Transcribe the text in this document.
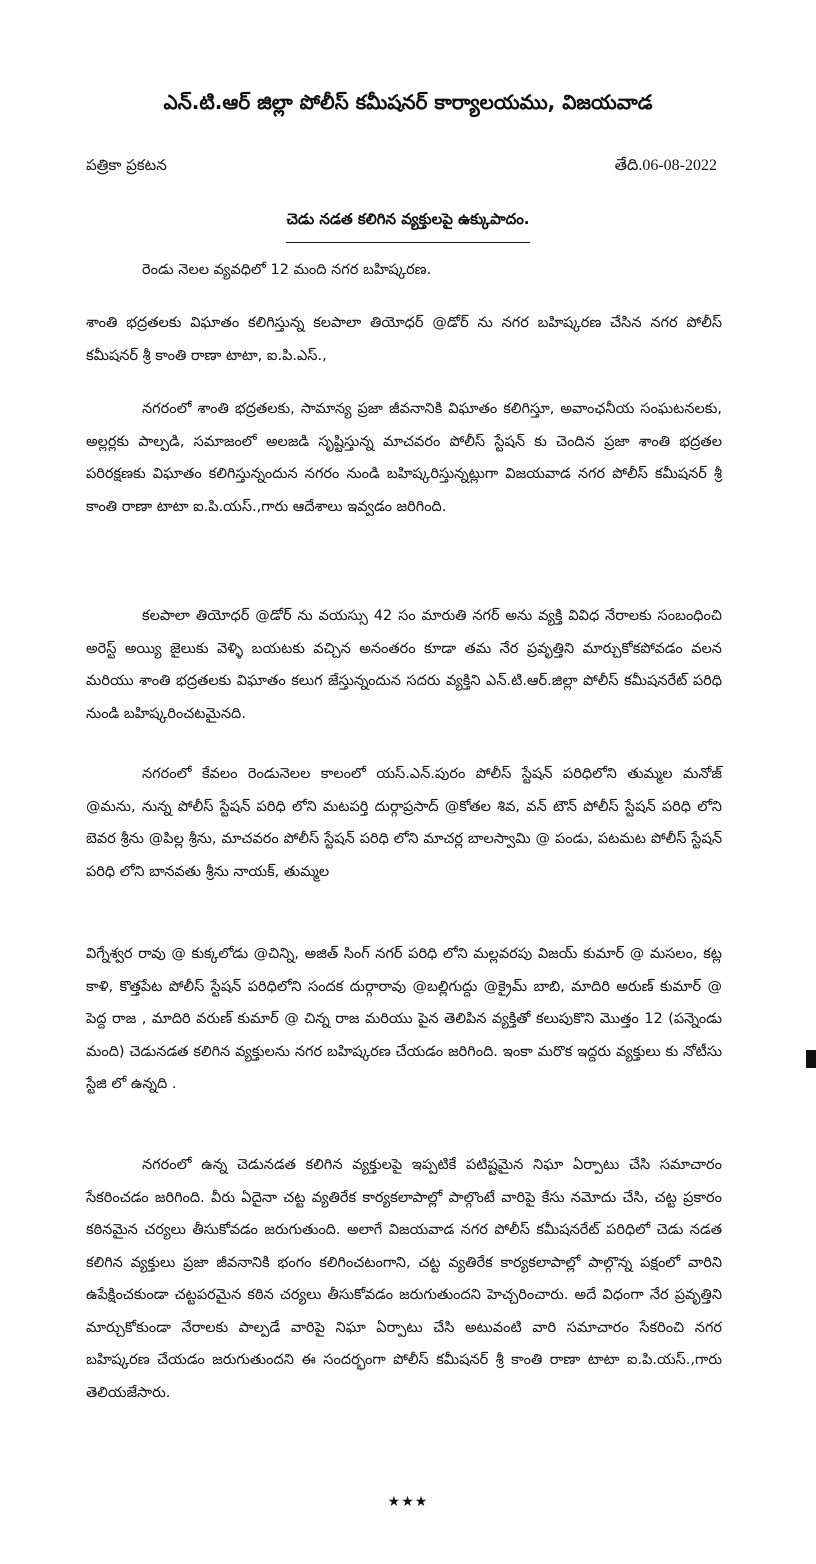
ఎన్.టి.ఆర్ జిల్లా పోలీస్ కమీషనర్ కార్యాలయము, విజయవాడ
పత్రికా ప్రకటన	తేది.06-08-2022
చెడు నడత కలిగిన వ్యక్తులపై ఉక్కుపాదం.
రెండు నెలల వ్యవధిలో 12 మంది నగర బహిష్కరణ.
శాంతి భద్రతలకు విఘాతం కలిగిస్తున్న కలపాలా తియోధర్ @డోర్ ను నగర బహిష్కరణ చేసిన నగర పోలీస్ కమీషనర్ శ్రీ కాంతి రాణా టాటా, ఐ.పి.ఎస్.,
నగరంలో శాంతి భద్రతలకు, సామాన్య ప్రజా జీవనానికి విఘాతం కలిగిస్తూ, అవాంఛనీయ సంఘటనలకు, అల్లర్లకు పాల్పడి, సమాజంలో అలజడి సృష్టిస్తున్న మాచవరం పోలీస్ స్టేషన్ కు చెందిన ప్రజా శాంతి భద్రతల పరిరక్షణకు విఘాతం కలిగిస్తున్నందున నగరం నుండి బహిష్కరిస్తున్నట్లుగా విజయవాడ నగర పోలీస్ కమీషనర్ శ్రీ కాంతి రాణా టాటా ఐ.పి.యస్.,గారు ఆదేశాలు ఇవ్వడం జరిగింది.
కలపాలా తియోధర్ @డోర్ ను వయస్సు 42 సం మారుతి నగర్ అను వ్యక్తి వివిధ నేరాలకు సంబంధించి అరెస్ట్ అయ్యి జైలుకు వెళ్ళి బయటకు వచ్చిన అనంతరం కూడా తమ నేర ప్రవృత్తిని మార్చుకోకపోవడం వలన మరియు శాంతి భద్రతలకు విఘాతం కలుగ జేస్తున్నందున సదరు వ్యక్తిని ఎన్.టి.ఆర్.జిల్లా పోలీస్ కమీషనరేట్ పరిధి నుండి బహిష్కరించటమైనది.
నగరంలో కేవలం రెండునెలల కాలంలో యస్.ఎన్.పురం పోలీస్ స్టేషన్ పరిధిలోని తుమ్మల మనోజ్ @మను, నున్న పోలీస్ స్టేషన్ పరిధి లోని మటపర్తి దుర్గాప్రసాద్ @కోతల శివ, వన్ టౌన్ పోలీస్ స్టేషన్ పరిధి లోని బెవర శ్రీను @పిల్ల శ్రీను, మాచవరం పోలీస్ స్టేషన్ పరిధి లోని మాచర్ల బాలస్వామి @ పండు, పటమట పోలీస్ స్టేషన్ పరిధి లోని బానవతు శ్రీను నాయక్, తుమ్మల
విగ్నేశ్వర రావు @ కుక్కలోడు @చిన్ని, అజిత్ సింగ్ నగర్ పరిధి లోని మల్లవరపు విజయ్ కుమార్ @ మసలం, కట్ల కాళి, కొత్తపేట పోలీస్ స్టేషన్ పరిధిలోని సందక దుర్గారావు @బల్లిగుద్దు @క్రైమ్ బాబి, మాదిరి అరుణ్ కుమార్ @ పెద్ద రాజ , మాదిరి వరుణ్ కుమార్ @ చిన్న రాజ మరియు పైన తెలిపిన వ్యక్తితో కలుపుకొని మొత్తం 12 (పన్నెండు మంది) చెడునడత కలిగిన వ్యక్తులను నగర బహిష్కరణ చేయడం జరిగింది. ఇంకా మరొక ఇద్దరు వ్యక్తులు కు నోటీసు స్టేజి లో ఉన్నది .
నగరంలో ఉన్న చెడునడత కలిగిన వ్యక్తులపై ఇప్పటికే పటిష్టమైన నిఘా ఏర్పాటు చేసి సమాచారం సేకరించడం జరిగింది. వీరు ఏదైనా చట్ట వ్యతిరేక కార్యకలాపాల్లో పాల్గొంటే వారిపై కేసు నమోదు చేసి, చట్ట ప్రకారం కఠినమైన చర్యలు తీసుకోవడం జరుగుతుంది. అలాగే విజయవాడ నగర పోలీస్ కమీషనరేట్ పరిధిలో చెడు నడత కలిగిన వ్యక్తులు ప్రజా జీవనానికి భంగం కలిగించటంగాని, చట్ట వ్యతిరేక కార్యకలాపాల్లో పాల్గొన్న పక్షంలో వారిని ఉపేక్షించకుండా చట్టపరమైన కఠిన చర్యలు తీసుకోవడం జరుగుతుందని హెచ్చరించారు. అదే విధంగా నేర ప్రవృత్తిని మార్చుకోకుండా నేరాలకు పాల్పడే వారిపై నిఘా ఏర్పాటు చేసి అటువంటి వారి సమాచారం సేకరించి నగర బహిష్కరణ చేయడం జరుగుతుందని ఈ సందర్భంగా పోలీస్ కమీషనర్ శ్రీ కాంతి రాణా టాటా ఐ.పి.యస్.,గారు తెలియజేసారు.
★★★
